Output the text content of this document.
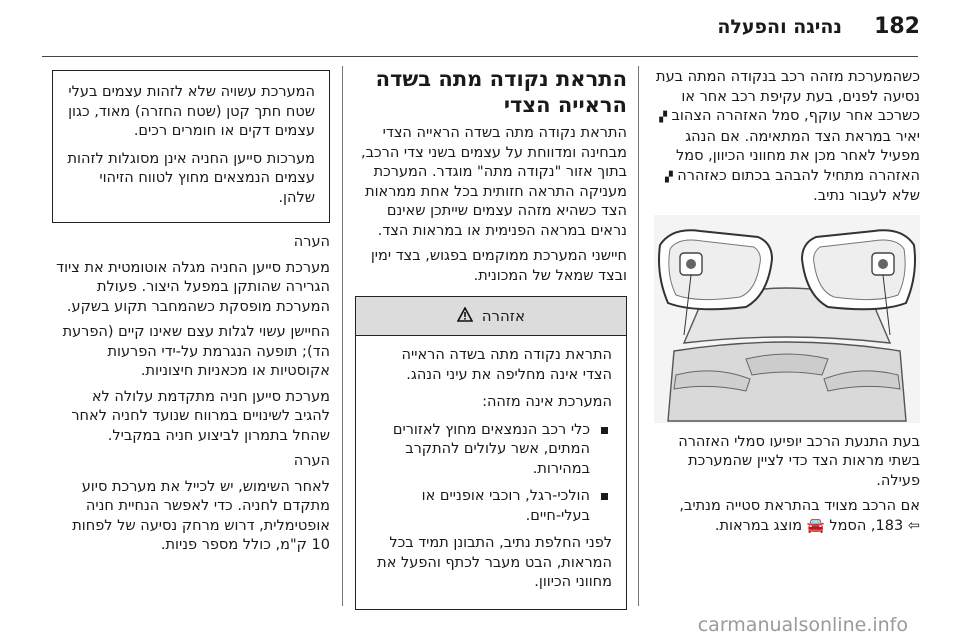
182
נהיגה והפעלה

המערכת עשויה שלא לזהות עצמים בעלי שטח חתך קטן (שטח החזרה) מאוד, כגון עצמים דקים או חומרים רכים.

מערכות סייען החניה אינן מסוגלות לזהות עצמים הנמצאים מחוץ לטווח הזיהוי שלהן.

הערה

מערכת סייען החניה מגלה אוטומטית את ציוד הגרירה שהותקן במפעל היצור. פעולת המערכת מופסקת כשהמחבר תקוע בשקע.

החיישן עשוי לגלות עצם שאינו קיים (הפרעת הד); תופעה הנגרמת על-ידי הפרעות אקוסטיות או מכאניות חיצוניות.

מערכת סייען חניה מתקדמת עלולה לא להגיב לשינויים במרווח שנועד לחניה לאחר שהחל בתמרון לביצוע חניה במקביל.

הערה

לאחר השימוש, יש לכייל את מערכת סיוע מתקדם לחניה. כדי לאפשר הנחיית חניה אופטימלית, דרוש מרחק נסיעה של לפחות 10 ק"מ, כולל מספר פניות.

התראת נקודה מתה בשדה הראייה הצדי

התראת נקודה מתה בשדה הראייה הצדי מבחינה ומדווחת על עצמים בשני צדי הרכב, בתוך אזור "נקודה מתה" מוגדר. המערכת מעניקה התראה חזותית בכל אחת ממראות הצד כשהיא מזהה עצמים שייתכן שאינם נראים במראה הפנימית או במראות הצד.

חיישני המערכת ממוקמים בפגוש, בצד ימין ובצד שמאל של המכונית.

אזהרה

התראת נקודה מתה בשדה הראייה הצדי אינה מחליפה את עיני הנהג.

המערכת אינה מזהה:

כלי רכב הנמצאים מחוץ לאזורים המתים, אשר עלולים להתקרב במהירות.

הולכי-רגל, רוכבי אופניים או בעלי-חיים.

לפני החלפת נתיב, התבונן תמיד בכל המראות, הבט מעבר לכתף והפעל את מחווני הכיוון.

כשהמערכת מזהה רכב בנקודה המתה בעת
נסיעה לפנים, בעת עקיפת רכב אחר או
כשרכב אחר עוקף, סמל האזהרה הצהוב ▞
יאיר במראת הצד המתאימה. אם הנהג
מפעיל לאחר מכן את מחווני הכיוון, סמל
האזהרה מתחיל להבהב בכתום כאזהרה ▞
שלא לעבור נתיב.

בעת התנעת הרכב יופיעו סמלי האזהרה בשתי מראות הצד כדי לציין שהמערכת פעילה.

אם הרכב מצויד בהתראת סטייה מנתיב,
⇦ 183, הסמל 🚘 מוצג במראות.
carmanualsonline.info
